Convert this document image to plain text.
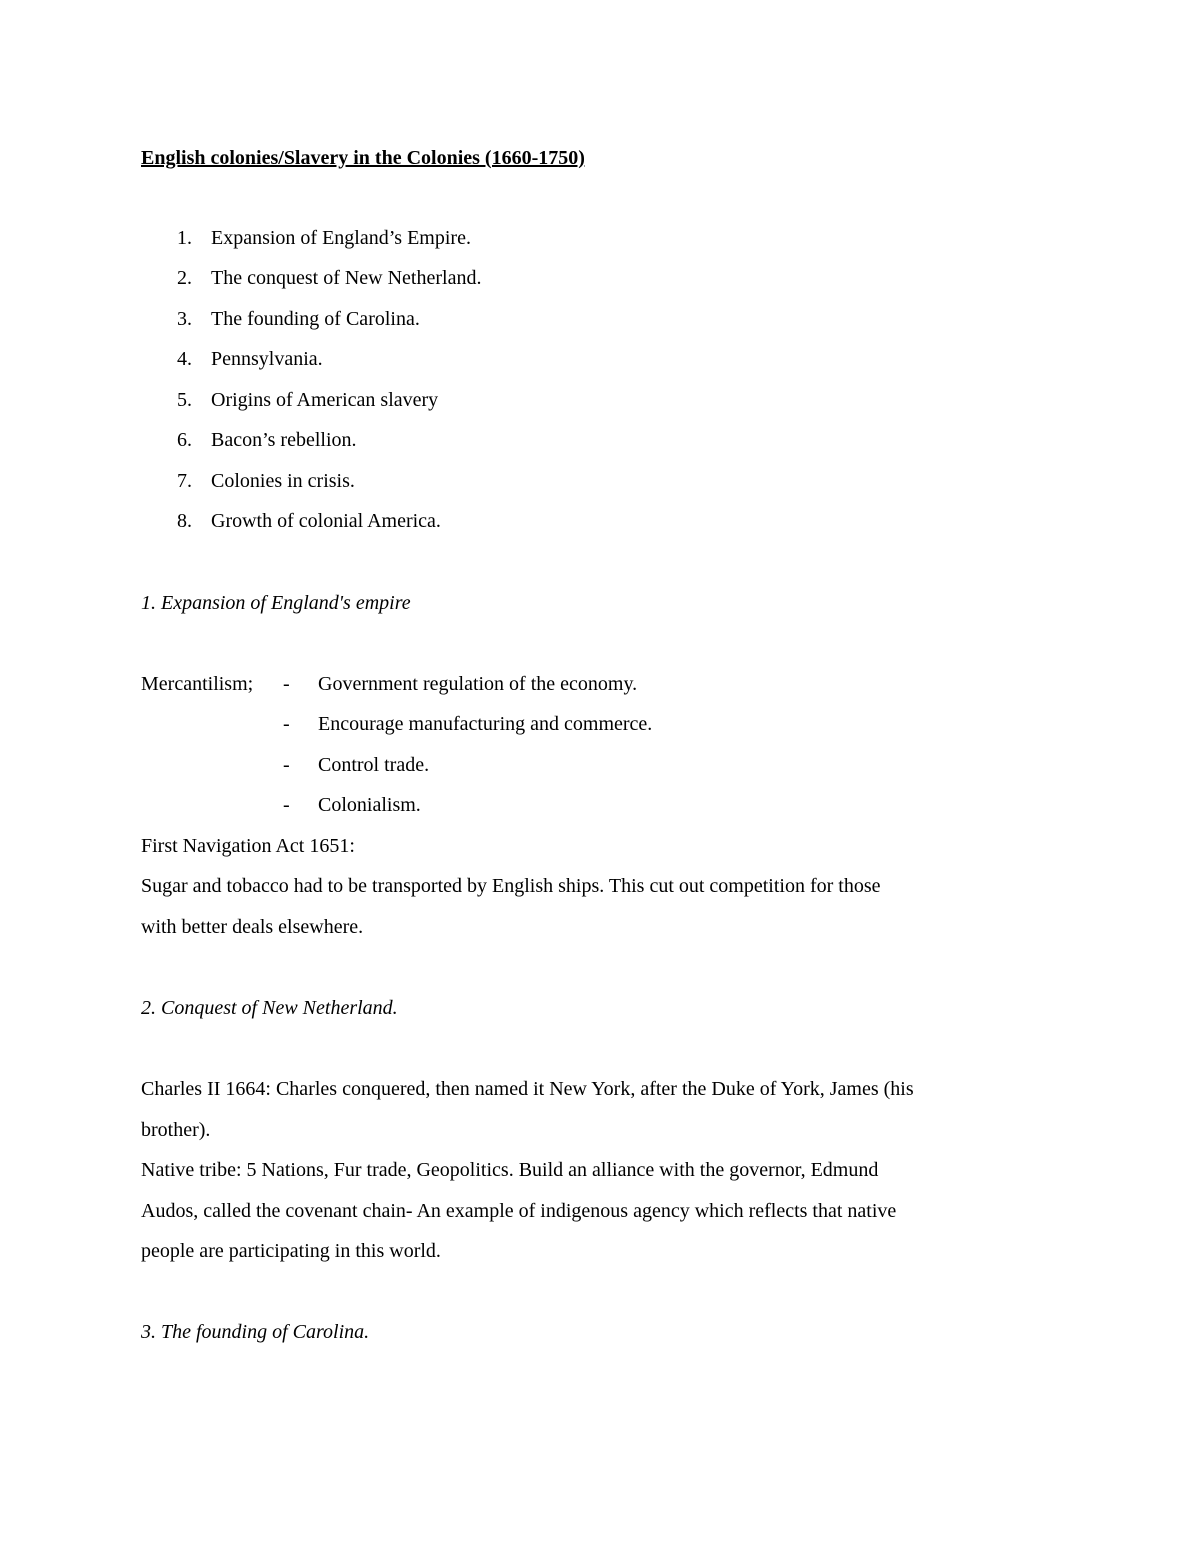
English colonies/Slavery in the Colonies (1660-1750)
1. Expansion of England’s Empire.
2. The conquest of New Netherland.
3. The founding of Carolina.
4. Pennsylvania.
5. Origins of American slavery
6. Bacon’s rebellion.
7. Colonies in crisis.
8. Growth of colonial America.
1. Expansion of England's empire
Mercantilism; - Government regulation of the economy.
- Encourage manufacturing and commerce.
- Control trade.
- Colonialism.
First Navigation Act 1651:
Sugar and tobacco had to be transported by English ships. This cut out competition for those
with better deals elsewhere.
2. Conquest of New Netherland.
Charles II 1664: Charles conquered, then named it New York, after the Duke of York, James (his
brother).
Native tribe: 5 Nations, Fur trade, Geopolitics. Build an alliance with the governor, Edmund
Audos, called the covenant chain- An example of indigenous agency which reflects that native
people are participating in this world.
3. The founding of Carolina.
